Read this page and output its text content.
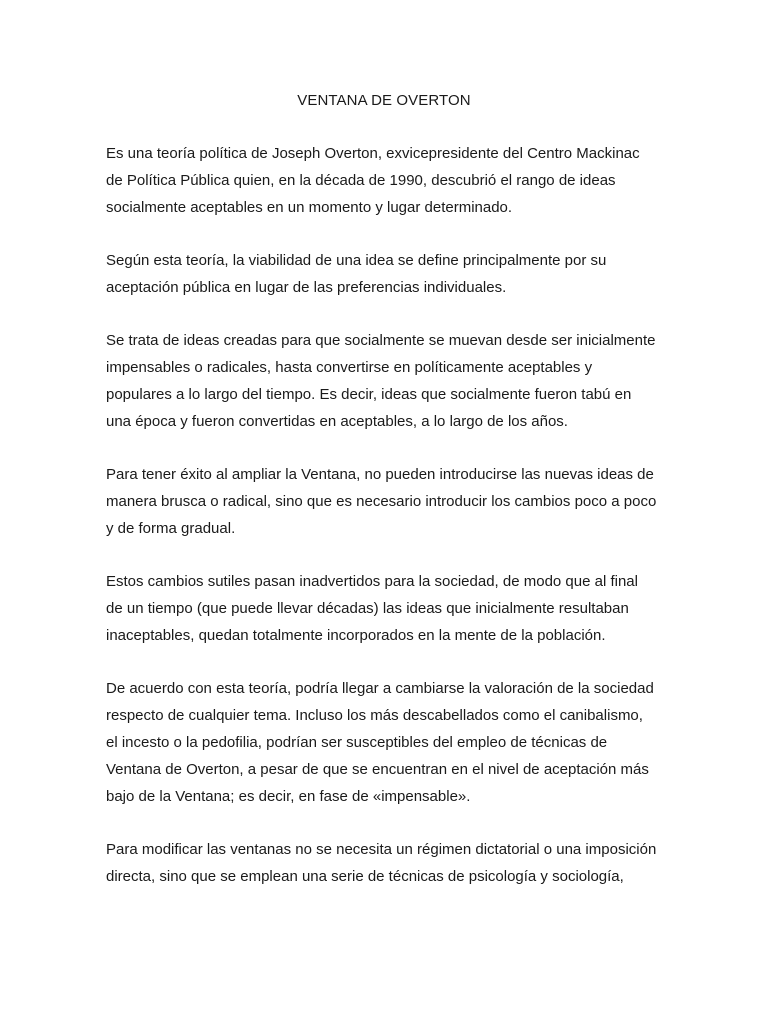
VENTANA DE OVERTON
Es una teoría política de Joseph Overton, exvicepresidente del Centro Mackinac
de Política Pública quien, en la década de 1990, descubrió el rango de ideas
socialmente aceptables en un momento y lugar determinado.
Según esta teoría, la viabilidad de una idea se define principalmente por su
aceptación pública en lugar de las preferencias individuales.
Se trata de ideas creadas para que socialmente se muevan desde ser inicialmente
impensables o radicales, hasta convertirse en políticamente aceptables y
populares a lo largo del tiempo. Es decir, ideas que socialmente fueron tabú en
una época y fueron convertidas en aceptables, a lo largo de los años.
Para tener éxito al ampliar la Ventana, no pueden introducirse las nuevas ideas de
manera brusca o radical, sino que es necesario introducir los cambios poco a poco
y de forma gradual.
Estos cambios sutiles pasan inadvertidos para la sociedad, de modo que al final
de un tiempo (que puede llevar décadas) las ideas que inicialmente resultaban
inaceptables, quedan totalmente incorporados en la mente de la población.
De acuerdo con esta teoría, podría llegar a cambiarse la valoración de la sociedad
respecto de cualquier tema. Incluso los más descabellados como el canibalismo,
el incesto o la pedofilia, podrían ser susceptibles del empleo de técnicas de
Ventana de Overton, a pesar de que se encuentran en el nivel de aceptación más
bajo de la Ventana; es decir, en fase de «impensable».
Para modificar las ventanas no se necesita un régimen dictatorial o una imposición
directa, sino que se emplean una serie de técnicas de psicología y sociología,
